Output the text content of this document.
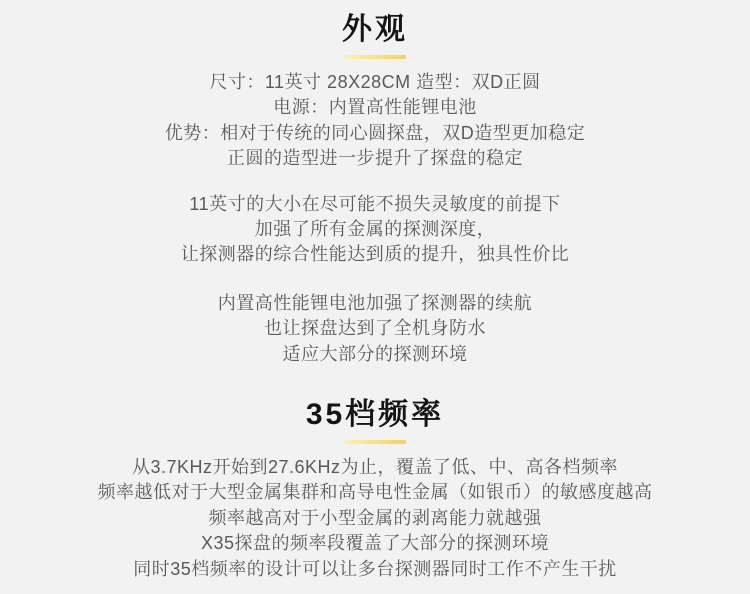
外观

尺寸：11英寸 28X28CM 造型：双D正圆

电源：内置高性能锂电池

优势：相对于传统的同心圆探盘，双D造型更加稳定

正圆的造型进一步提升了探盘的稳定

11英寸的大小在尽可能不损失灵敏度的前提下

加强了所有金属的探测深度，

让探测器的综合性能达到质的提升，独具性价比

内置高性能锂电池加强了探测器的续航

也让探盘达到了全机身防水

适应大部分的探测环境

35档频率

从3.7KHz开始到27.6KHz为止，覆盖了低、中、高各档频率

频率越低对于大型金属集群和高导电性金属（如银币）的敏感度越高

频率越高对于小型金属的剥离能力就越强

X35探盘的频率段覆盖了大部分的探测环境

同时35档频率的设计可以让多台探测器同时工作不产生干扰
